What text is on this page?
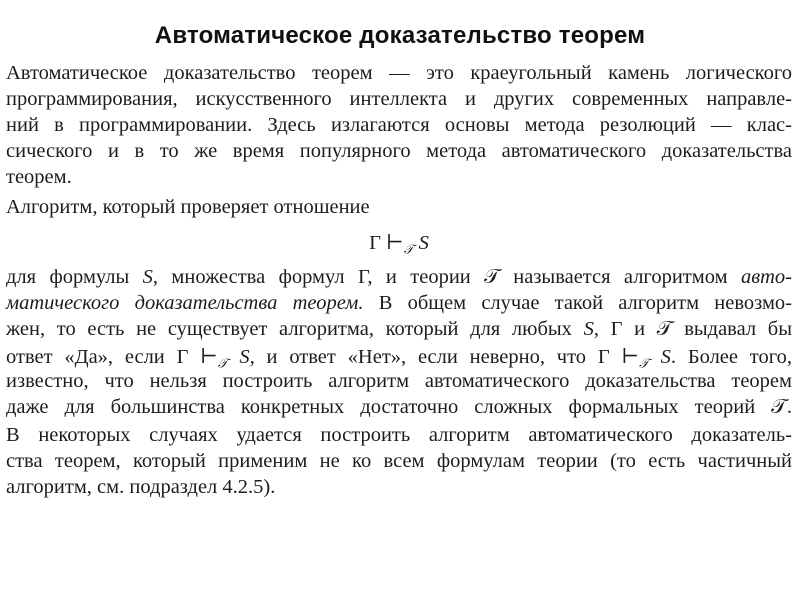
Автоматическое доказательство теорем
Автоматическое доказательство теорем — это краеугольный камень логического
программирования, искусственного интеллекта и других современных направле-
ний в программировании. Здесь излагаются основы метода резолюций — клас-
сического и в то же время популярного метода автоматического доказательства
теорем.
Алгоритм, который проверяет отношение
Γ $⊢_𝒯$ S
для формулы S, множества формул Γ, и теории 𝒯 называется алгоритмом авто-
матического доказательства теорем. В общем случае такой алгоритм невозмо-
жен, то есть не существует алгоритма, который для любых S, Γ и 𝒯 выдавал бы
ответ «Да», если Γ $⊢_𝒯$ S, и ответ «Нет», если неверно, что Γ $⊢_𝒯$ S. Более того,
известно, что нельзя построить алгоритм автоматического доказательства теорем
даже для большинства конкретных достаточно сложных формальных теорий 𝒯.
В некоторых случаях удается построить алгоритм автоматического доказатель-
ства теорем, который применим не ко всем формулам теории (то есть частичный
алгоритм, см. подраздел 4.2.5).
